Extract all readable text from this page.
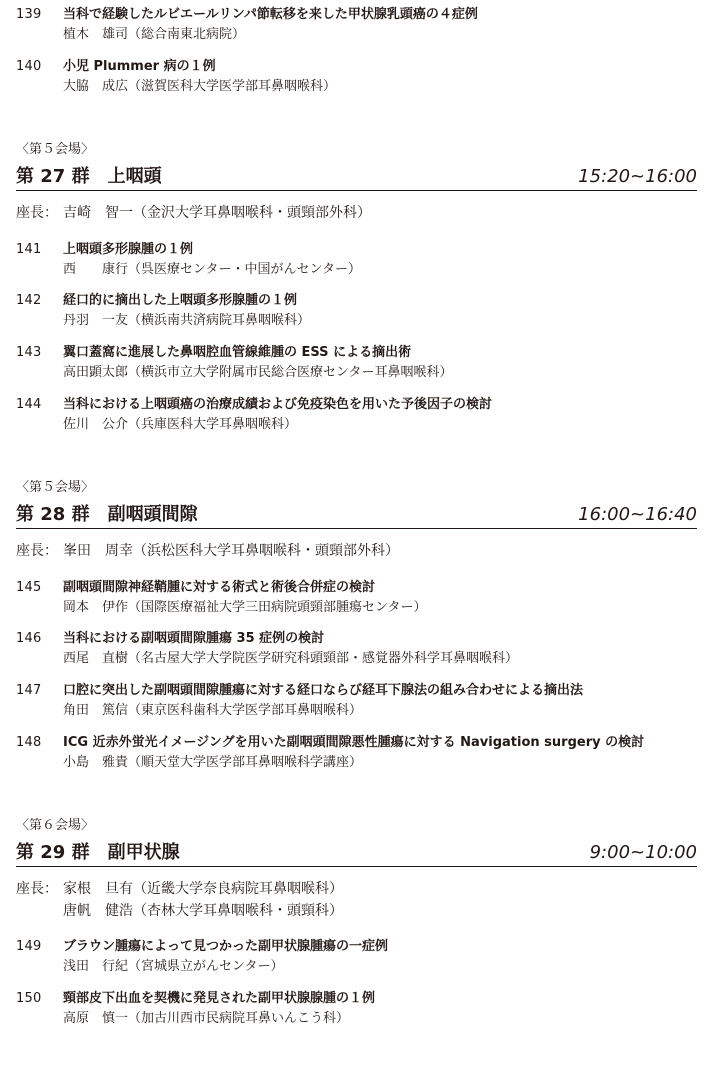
139 当科で経験したルビエールリンパ節転移を来した甲状腺乳頭癌の４症例
植木　雄司（総合南東北病院）
140 小児 Plummer 病の１例
大脇　成広（滋賀医科大学医学部耳鼻咽喉科）
〈第５会場〉
第 27 群　上咽頭	15:20~16:00
座長： 吉崎　智一（金沢大学耳鼻咽喉科・頭頸部外科）
141 上咽頭多形腺腫の１例
西　　康行（呉医療センター・中国がんセンター）
142 経口的に摘出した上咽頭多形腺腫の１例
丹羽　一友（横浜南共済病院耳鼻咽喉科）
143 翼口蓋窩に進展した鼻咽腔血管線維腫の ESS による摘出術
高田顕太郎（横浜市立大学附属市民総合医療センター耳鼻咽喉科）
144 当科における上咽頭癌の治療成績および免疫染色を用いた予後因子の検討
佐川　公介（兵庫医科大学耳鼻咽喉科）
〈第５会場〉
第 28 群　副咽頭間隙	16:00~16:40
座長： 峯田　周幸（浜松医科大学耳鼻咽喉科・頭頸部外科）
145 副咽頭間隙神経鞘腫に対する術式と術後合併症の検討
岡本　伊作（国際医療福祉大学三田病院頭頸部腫瘍センター）
146 当科における副咽頭間隙腫瘍 35 症例の検討
西尾　直樹（名古屋大学大学院医学研究科頭頸部・感覚器外科学耳鼻咽喉科）
147 口腔に突出した副咽頭間隙腫瘍に対する経口ならび経耳下腺法の組み合わせによる摘出法
角田　篤信（東京医科歯科大学医学部耳鼻咽喉科）
148 ICG 近赤外蛍光イメージングを用いた副咽頭間隙悪性腫瘍に対する Navigation surgery の検討
小島　雅貴（順天堂大学医学部耳鼻咽喉科学講座）
〈第６会場〉
第 29 群　副甲状腺	9:00~10:00
座長： 家根　旦有（近畿大学奈良病院耳鼻咽喉科）
唐帆　健浩（杏林大学耳鼻咽喉科・頭頸科）
149 ブラウン腫瘍によって見つかった副甲状腺腫瘍の一症例
浅田　行紀（宮城県立がんセンター）
150 頸部皮下出血を契機に発見された副甲状腺腺腫の１例
高原　慎一（加古川西市民病院耳鼻いんこう科）
